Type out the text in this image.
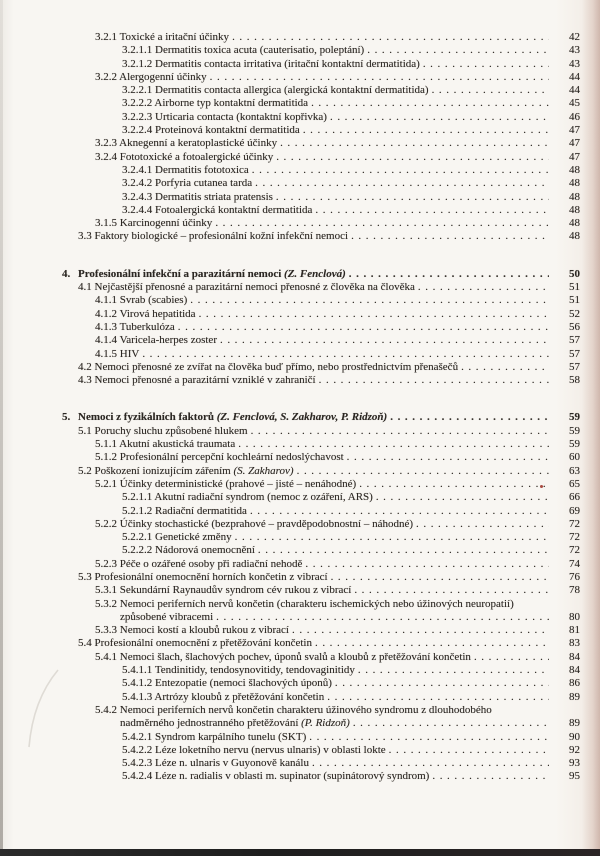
3.2.1 Toxické a iritační účinky .....	42
3.2.1.1 Dermatitis toxica acuta (cauterisatio, poleptání) .....	43
3.2.1.2 Dermatitis contacta irritativa (iritační kontaktní dermatitida) .....	43
3.2.2 Alergogenní účinky .....	44
3.2.2.1 Dermatitis contacta allergica (alergická kontaktní dermatitida) .....	44
3.2.2.2 Airborne typ kontaktní dermatitida .....	45
3.2.2.3 Urticaria contacta (kontaktní kopřivka) .....	46
3.2.2.4 Proteinová kontaktní dermatitida .....	47
3.2.3 Aknegenní a keratoplastické účinky .....	47
3.2.4 Fototoxické a fotoalergické účinky .....	47
3.2.4.1 Dermatitis fototoxica .....	48
3.2.4.2 Porfyria cutanea tarda .....	48
3.2.4.3 Dermatitis striata pratensis .....	48
3.2.4.4 Fotoalergická kontaktní dermatitida .....	48
3.1.5 Karcinogenní účinky .....	48
3.3 Faktory biologické – profesionální kožní infekční nemoci .....	48
4. Profesionální infekční a parazitární nemoci (Z. Fenclová) .....	50
4.1 Nejčastější přenosné a parazitární nemoci přenosné z člověka na člověka .....	51
4.1.1 Svrab (scabies) .....	51
4.1.2 Virová hepatitida .....	52
4.1.3 Tuberkulóza .....	56
4.1.4 Varicela-herpes zoster .....	57
4.1.5 HIV .....	57
4.2 Nemoci přenosné ze zvířat na člověka buď přímo, nebo prostřednictvím přenašečů .....	57
4.3 Nemoci přenosné a parazitární vzniklé v zahraničí .....	58
5. Nemoci z fyzikálních faktorů (Z. Fenclová, S. Zakharov, P. Ridzoň) .....	59
5.1 Poruchy sluchu způsobené hlukem .....	59
5.1.1 Akutní akustická traumata .....	59
5.1.2 Profesionální percepční kochleární nedoslýchavost .....	60
5.2 Poškození ionizujícím zářením (S. Zakharov) .....	63
5.2.1 Účinky deterministické (prahové – jisté – nenáhodné) .....	65
5.2.1.1 Akutní radiační syndrom (nemoc z ozáření, ARS) .....	66
5.2.1.2 Radiační dermatitida .....	69
5.2.2 Účinky stochastické (bezprahové – pravděpodobnostní – náhodné) .....	72
5.2.2.1 Genetické změny .....	72
5.2.2.2 Nádorová onemocnění .....	72
5.2.3 Péče o ozářené osoby při radiační nehodě .....	74
5.3 Profesionální onemocnění horních končetin z vibrací .....	76
5.3.1 Sekundární Raynaudův syndrom cév rukou z vibrací .....	78
5.3.2 Nemoci periferních nervů končetin (charakteru ischemických nebo úžinových neuropatií)
způsobené vibracemi .....	80
5.3.3 Nemoci kostí a kloubů rukou z vibrací .....	81
5.4 Profesionální onemocnění z přetěžování končetin .....	83
5.4.1 Nemoci šlach, šlachových pochev, úponů svalů a kloubů z přetěžování končetin .....	84
5.4.1.1 Tendinitidy, tendosynovitidy, tendovaginitidy .....	84
5.4.1.2 Entezopatie (nemoci šlachových úponů) .....	86
5.4.1.3 Artrózy kloubů z přetěžování končetin .....	89
5.4.2 Nemoci periferních nervů končetin charakteru úžinového syndromu z dlouhodobého
nadměrného jednostranného přetěžování (P. Ridzoň) .....	89
5.4.2.1 Syndrom karpálního tunelu (SKT) .....	90
5.4.2.2 Léze loketního nervu (nervus ulnaris) v oblasti lokte .....	92
5.4.2.3 Léze n. ulnaris v Guyonově kanálu .....	93
5.4.2.4 Léze n. radialis v oblasti m. supinator (supinátorový syndrom) .....	95
